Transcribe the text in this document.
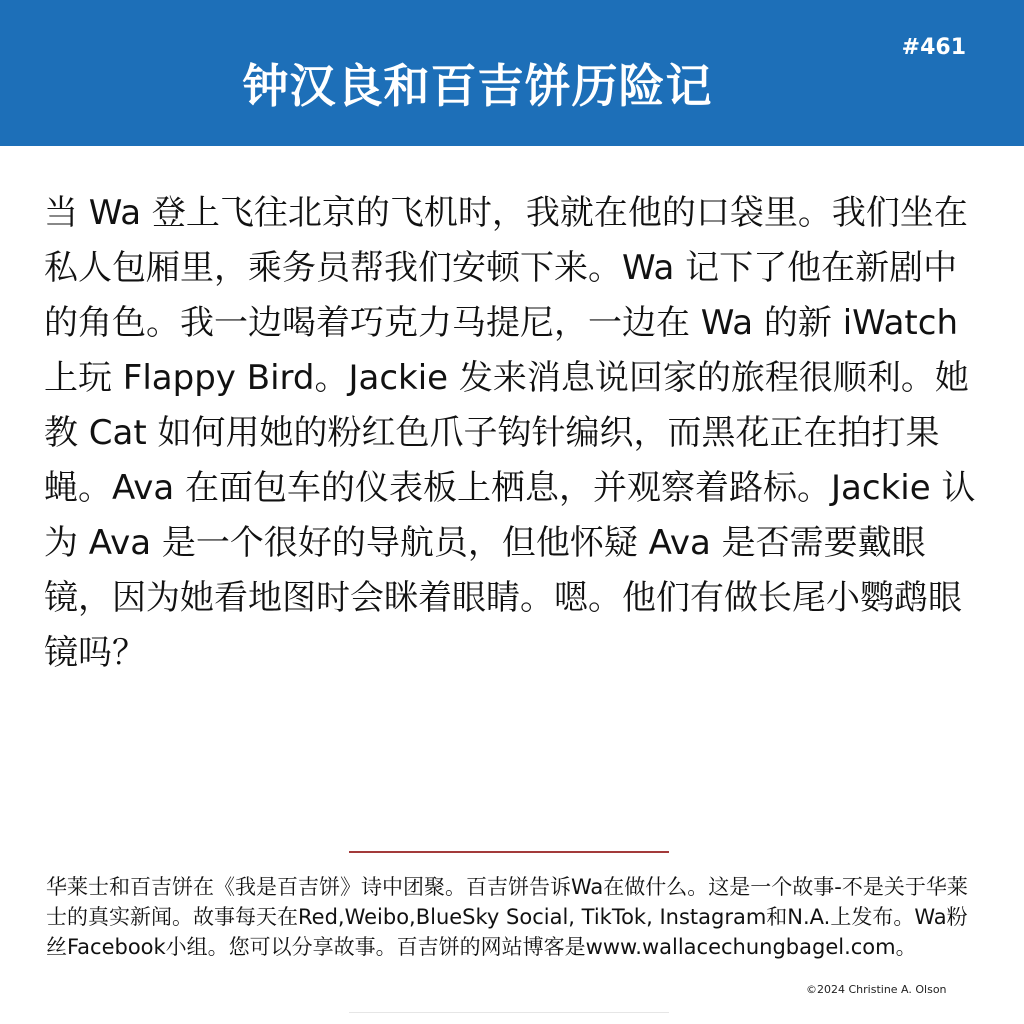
钟汉良和百吉饼历险记
#461

当 Wa 登上飞往北京的飞机时，我就在他的口袋里。我们坐在私人包厢里，乘务员帮我们安顿下来。Wa 记下了他在新剧中的角色。我一边喝着巧克力马提尼，一边在 Wa 的新 iWatch 上玩 Flappy Bird。Jackie 发来消息说回家的旅程很顺利。她教 Cat 如何用她的粉红色爪子钩针编织，而黑花正在拍打果蝇。Ava 在面包车的仪表板上栖息，并观察着路标。Jackie 认为 Ava 是一个很好的导航员，但他怀疑 Ava 是否需要戴眼镜，因为她看地图时会眯着眼睛。嗯。他们有做长尾小鹦鹉眼镜吗？

华莱士和百吉饼在《我是百吉饼》诗中团聚。百吉饼告诉Wa在做什么。这是一个故事-不是关于华莱士的真实新闻。故事每天在Red,Weibo,BlueSky Social, TikTok, Instagram和N.A.上发布。Wa粉丝Facebook小组。您可以分享故事。百吉饼的网站博客是www.wallacechungbagel.com。

©2024 Christine A. Olson
